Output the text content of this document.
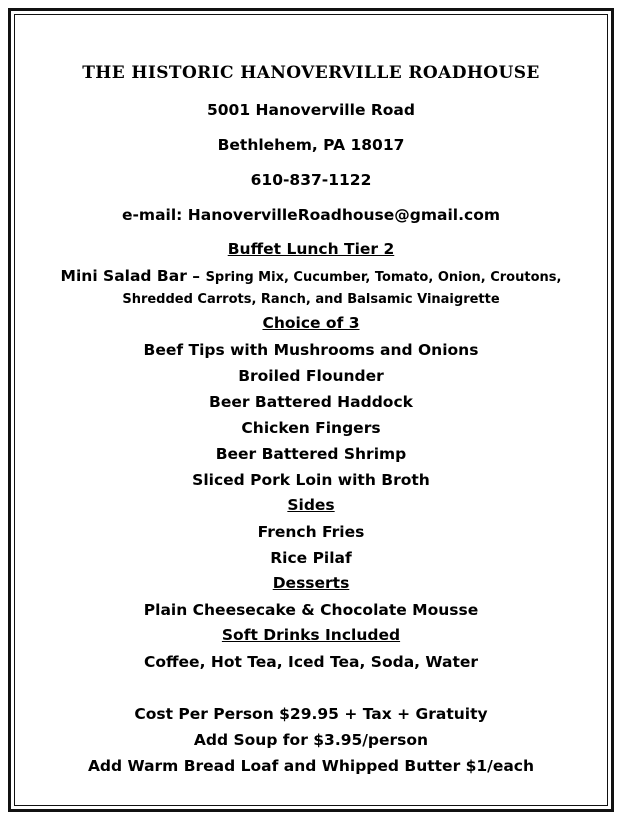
THE HISTORIC HANOVERVILLE ROADHOUSE
5001 Hanoverville Road
Bethlehem, PA 18017
610-837-1122
e-mail: HanovervilleRoadhouse@gmail.com
Buffet Lunch Tier 2
Mini Salad Bar – Spring Mix, Cucumber, Tomato, Onion, Croutons,
Shredded Carrots, Ranch, and Balsamic Vinaigrette
Choice of 3
Beef Tips with Mushrooms and Onions
Broiled Flounder
Beer Battered Haddock
Chicken Fingers
Beer Battered Shrimp
Sliced Pork Loin with Broth
Sides
French Fries
Rice Pilaf
Desserts
Plain Cheesecake & Chocolate Mousse
Soft Drinks Included
Coffee, Hot Tea, Iced Tea, Soda, Water
Cost Per Person $29.95 + Tax + Gratuity
Add Soup for $3.95/person
Add Warm Bread Loaf and Whipped Butter $1/each
